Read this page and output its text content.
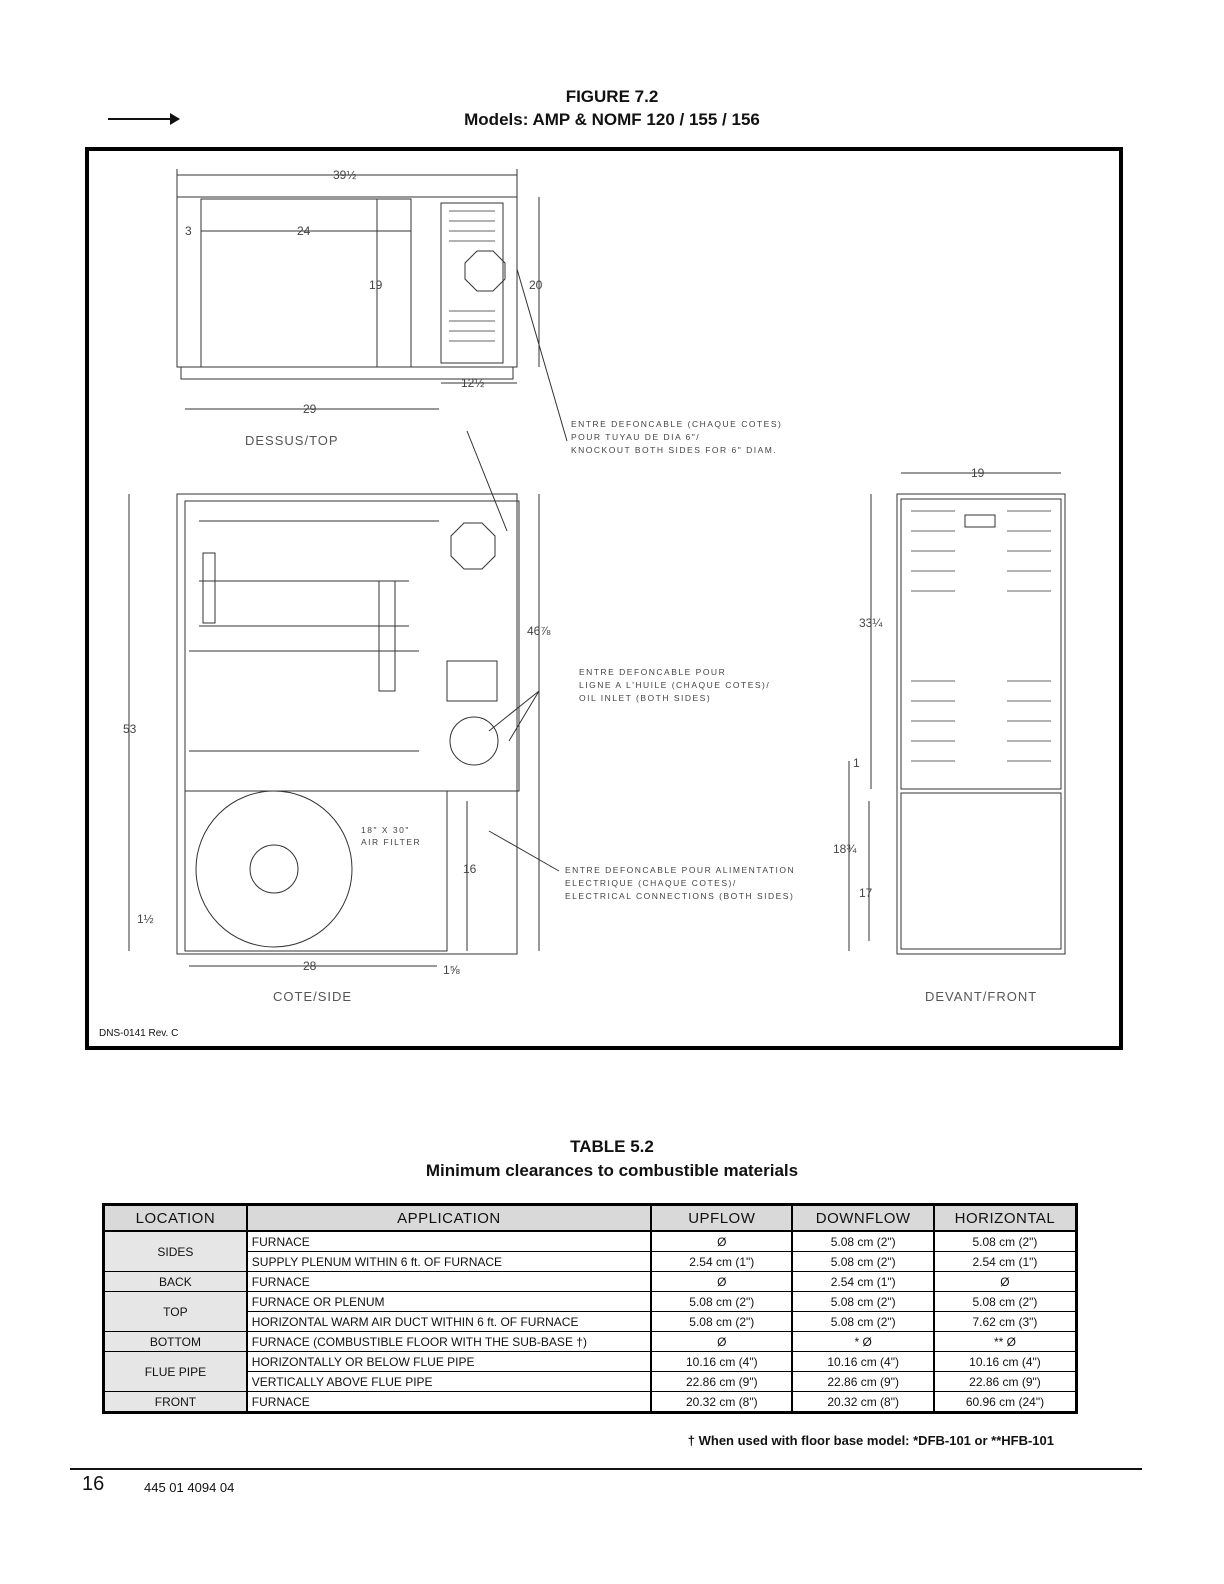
FIGURE 7.2
Models: AMP & NOMF 120 / 155 / 156
39½
3	24
19	20
12½
29
53
46⅞
16
1½
28	1⅝
19
33¼
1
18¾
17
ENTRE DEFONCABLE (CHAQUE COTES)
POUR TUYAU DE DIA 6"/
KNOCKOUT BOTH SIDES FOR 6" DIAM.
ENTRE DEFONCABLE POUR
LIGNE A L'HUILE (CHAQUE COTES)/
OIL INLET (BOTH SIDES)
ENTRE DEFONCABLE POUR ALIMENTATION
ELECTRIQUE (CHAQUE COTES)/
ELECTRICAL CONNECTIONS (BOTH SIDES)
18" X 30"
AIR FILTER
DESSUS/TOP
COTE/SIDE	DEVANT/FRONT
DNS-0141 Rev. C
TABLE 5.2
Minimum clearances to combustible materials
LOCATION	APPLICATION	UPFLOW	DOWNFLOW	HORIZONTAL
SIDES	FURNACE	Ø	5.08 cm (2")	5.08 cm (2")
	SUPPLY PLENUM WITHIN 6 ft. OF FURNACE	2.54 cm (1")	5.08 cm (2")	2.54 cm (1")
BACK	FURNACE	Ø	2.54 cm (1")	Ø
TOP	FURNACE OR PLENUM	5.08 cm (2")	5.08 cm (2")	5.08 cm (2")
	HORIZONTAL WARM AIR DUCT WITHIN 6 ft. OF FURNACE	5.08 cm (2")	5.08 cm (2")	7.62 cm (3")
BOTTOM	FURNACE (COMBUSTIBLE FLOOR WITH THE SUB-BASE †)	Ø	* Ø	** Ø
FLUE PIPE	HORIZONTALLY OR BELOW FLUE PIPE	10.16 cm (4")	10.16 cm (4")	10.16 cm (4")
	VERTICALLY ABOVE FLUE PIPE	22.86 cm (9")	22.86 cm (9")	22.86 cm (9")
FRONT	FURNACE	20.32 cm (8")	20.32 cm (8")	60.96 cm (24")
† When used with floor base model: *DFB-101 or **HFB-101
16	445 01 4094 04
